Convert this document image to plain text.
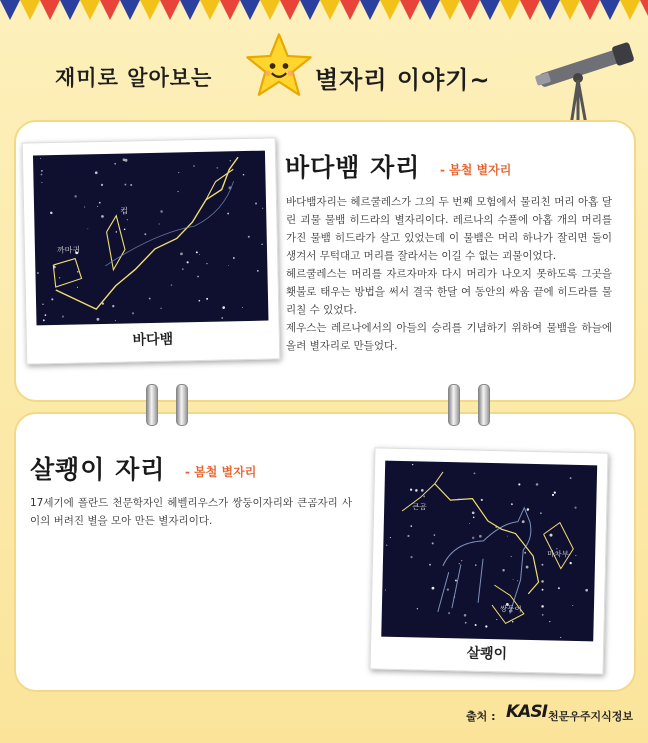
재미로 알아보는	별자리 이야기~
컵
까마귀
바다뱀
바다뱀 자리 - 봄철 별자리

바다뱀자리는 헤르쿨레스가 그의 두 번째 모험에서 물리친 머리 아홉 달린 괴물 물뱀 히드라의 별자리이다. 레르나의 수풀에 아홉 개의 머리를 가진 물뱀 히드라가 살고 있었는데 이 물뱀은 머리 하나가 잘리면 둘이 생겨서 무턱대고 머리를 잘라서는 이길 수 없는 괴물이었다.

헤르쿨레스는 머리를 자르자마자 다시 머리가 나오지 못하도록 그곳을 횃불로 태우는 방법을 써서 결국 한달 여 동안의 싸움 끝에 히드라를 물리칠 수 있었다.

제우스는 레르나에서의 아들의 승리를 기념하기 위하여 물뱀을 하늘에 올려 별자리로 만들었다.

살쾡이 자리 - 봄철 별자리
17세기에 폴란드 천문학자인 헤벨리우스가 쌍둥이자리와 큰곰자리 사이의 버려진 별을 모아 만든 별자리이다.
큰곰
마차부
쌍둥이
살쾡이
출처 : KASI 천문우주지식정보
